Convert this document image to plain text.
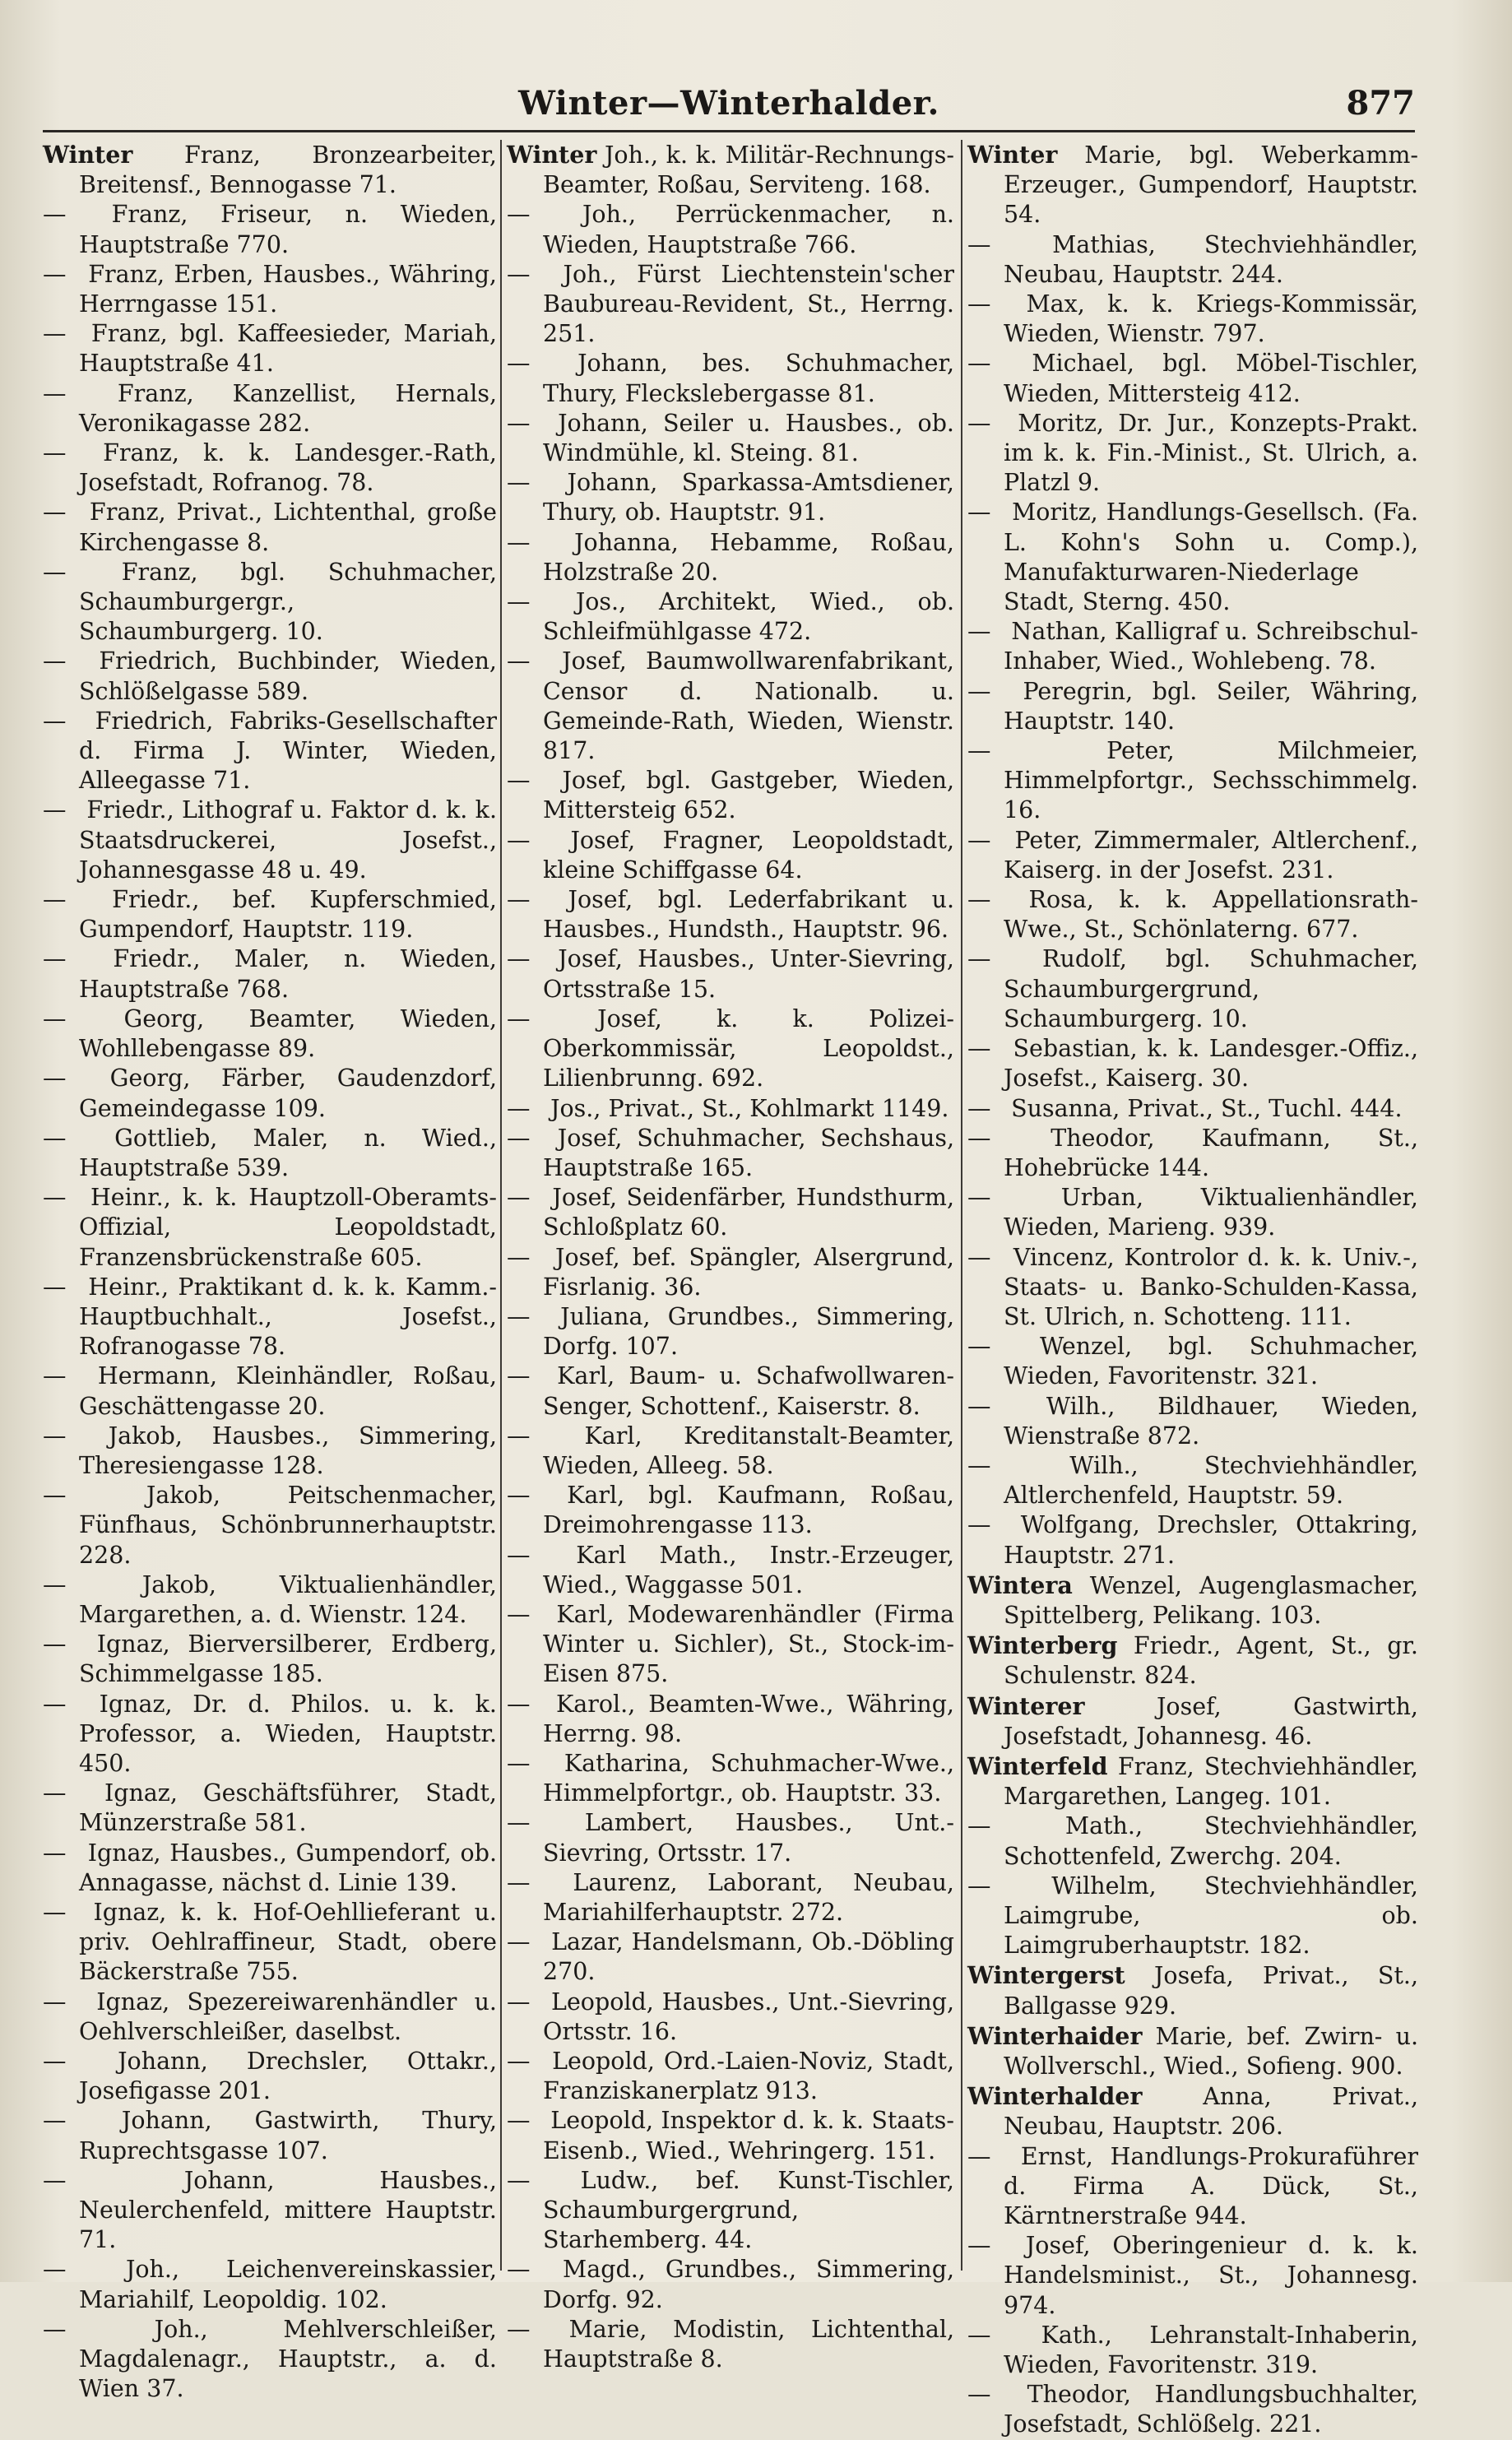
Winter—Winterhalder.	877

Winter Franz, Bronzearbeiter, Breitensf., Bennogasse 71.

— Franz, Friseur, n. Wieden, Hauptstraße 770.

— Franz, Erben, Hausbes., Währing, Herrngasse 151.

— Franz, bgl. Kaffeesieder, Mariah, Hauptstraße 41.

— Franz, Kanzellist, Hernals, Veronikagasse 282.

— Franz, k. k. Landesger.-Rath, Josefstadt, Rofranog. 78.

— Franz, Privat., Lichtenthal, große Kirchengasse 8.

— Franz, bgl. Schuhmacher, Schaumburgergr., Schaumburgerg. 10.

— Friedrich, Buchbinder, Wieden, Schlößelgasse 589.

— Friedrich, Fabriks-Gesellschafter d. Firma J. Winter, Wieden, Alleegasse 71.

— Friedr., Lithograf u. Faktor d. k. k. Staatsdruckerei, Josefst., Johannesgasse 48 u. 49.

— Friedr., bef. Kupferschmied, Gumpendorf, Hauptstr. 119.

— Friedr., Maler, n. Wieden, Hauptstraße 768.

— Georg, Beamter, Wieden, Wohllebengasse 89.

— Georg, Färber, Gaudenzdorf, Gemeindegasse 109.

— Gottlieb, Maler, n. Wied., Hauptstraße 539.

— Heinr., k. k. Hauptzoll-Oberamts-Offizial, Leopoldstadt, Franzensbrückenstraße 605.

— Heinr., Praktikant d. k. k. Kamm.-Hauptbuchhalt., Josefst., Rofranogasse 78.

— Hermann, Kleinhändler, Roßau, Geschättengasse 20.

— Jakob, Hausbes., Simmering, Theresiengasse 128.

—	Jakob, Peitschenmacher, Fünfhaus, Schönbrunnerhauptstr. 228.

—	Jakob, Viktualienhändler, Margarethen, a. d. Wienstr. 124.

— Ignaz, Bierversilberer, Erdberg, Schimmelgasse 185.

— Ignaz, Dr. d. Philos. u. k. k. Professor, a. Wieden, Hauptstr. 450.

— Ignaz, Geschäftsführer, Stadt, Münzerstraße 581.

— Ignaz, Hausbes., Gumpendorf, ob. Annagasse, nächst d. Linie 139.

— Ignaz, k. k. Hof-Oehllieferant u. priv. Oehlraffineur, Stadt, obere Bäckerstraße 755.

— Ignaz, Spezereiwarenhändler u. Oehlverschleißer, daselbst.

— Johann, Drechsler, Ottakr., Josefigasse 201.

— Johann, Gastwirth, Thury, Ruprechtsgasse 107.

—	Johann, Hausbes., Neulerchenfeld, mittere Hauptstr. 71.

—	Joh., Leichenvereinskassier, Mariahilf, Leopoldig. 102.

—	Joh., Mehlverschleißer, Magdalenagr., Hauptstr., a. d. Wien 37.

Winter Joh., k. k. Militär-Rechnungs-Beamter, Roßau, Serviteng. 168.

— Joh., Perrückenmacher, n. Wieden, Hauptstraße 766.

— Joh., Fürst Liechtenstein'scher Baubureau-Revident, St., Herrng. 251.

— Johann, bes. Schuhmacher, Thury, Fleckslebergasse 81.

— Johann, Seiler u. Hausbes., ob. Windmühle, kl. Steing. 81.

— Johann, Sparkassa-Amtsdiener, Thury, ob. Hauptstr. 91.

— Johanna, Hebamme, Roßau, Holzstraße 20.

— Jos., Architekt, Wied., ob. Schleifmühlgasse 472.

— Josef, Baumwollwarenfabrikant, Censor d. Nationalb. u. Gemeinde-Rath, Wieden, Wienstr. 817.

— Josef, bgl. Gastgeber, Wieden, Mittersteig 652.

— Josef, Fragner, Leopoldstadt, kleine Schiffgasse 64.

— Josef, bgl. Lederfabrikant u. Hausbes., Hundsth., Hauptstr. 96.

— Josef, Hausbes., Unter-Sievring, Ortsstraße 15.

—	Josef, k. k. Polizei-Oberkommissär, Leopoldst., Lilienbrunng. 692.

— Jos., Privat., St., Kohlmarkt 1149.

— Josef, Schuhmacher, Sechshaus, Hauptstraße 165.

— Josef, Seidenfärber, Hundsthurm, Schloßplatz 60.

— Josef, bef. Spängler, Alsergrund, Fisrlanig. 36.

— Juliana, Grundbes., Simmering, Dorfg. 107.

— Karl, Baum- u. Schafwollwaren-Senger, Schottenf., Kaiserstr. 8.

— Karl, Kreditanstalt-Beamter, Wieden, Alleeg. 58.

— Karl, bgl. Kaufmann, Roßau, Dreimohrengasse 113.

— Karl Math., Instr.-Erzeuger, Wied., Waggasse 501.

— Karl, Modewarenhändler (Firma Winter u. Sichler), St., Stock-im-Eisen 875.

— Karol., Beamten-Wwe., Währing, Herrng. 98.

— Katharina, Schuhmacher-Wwe., Himmelpfortgr., ob. Hauptstr. 33.

— Lambert, Hausbes., Unt.-Sievring, Ortsstr. 17.

— Laurenz, Laborant, Neubau, Mariahilferhauptstr. 272.

— Lazar, Handelsmann, Ob.-Döbling 270.

— Leopold, Hausbes., Unt.-Sievring, Ortsstr. 16.

— Leopold, Ord.-Laien-Noviz, Stadt, Franziskanerplatz 913.

— Leopold, Inspektor d. k. k. Staats-Eisenb., Wied., Wehringerg. 151.

— Ludw., bef. Kunst-Tischler, Schaumburgergrund, Starhemberg. 44.

— Magd., Grundbes., Simmering, Dorfg. 92.

— Marie, Modistin, Lichtenthal, Hauptstraße 8.

Winter Marie, bgl. Weberkamm-Erzeuger., Gumpendorf, Hauptstr. 54.

—	Mathias, Stechviehhändler, Neubau, Hauptstr. 244.

— Max, k. k. Kriegs-Kommissär, Wieden, Wienstr. 797.

— Michael, bgl. Möbel-Tischler, Wieden, Mittersteig 412.

— Moritz, Dr. Jur., Konzepts-Prakt. im k. k. Fin.-Minist., St. Ulrich, a. Platzl 9.

— Moritz, Handlungs-Gesellsch. (Fa. L. Kohn's Sohn u. Comp.), Manufakturwaren-Niederlage Stadt, Sterng. 450.

— Nathan, Kalligraf u. Schreibschul-Inhaber, Wied., Wohlebeng. 78.

— Peregrin, bgl. Seiler, Währing, Hauptstr. 140.

—	Peter, Milchmeier, Himmelpfortgr., Sechsschimmelg. 16.

— Peter, Zimmermaler, Altlerchenf., Kaiserg. in der Josefst. 231.

— Rosa, k. k. Appellationsrath-Wwe., St., Schönlaterng. 677.

— Rudolf, bgl. Schuhmacher, Schaumburgergrund, Schaumburgerg. 10.

— Sebastian, k. k. Landesger.-Offiz., Josefst., Kaiserg. 30.

— Susanna, Privat., St., Tuchl. 444.

—	Theodor, Kaufmann, St., Hohebrücke 144.

—	Urban, Viktualienhändler, Wieden, Marieng. 939.

— Vincenz, Kontrolor d. k. k. Univ.-, Staats- u. Banko-Schulden-Kassa, St. Ulrich, n. Schotteng. 111.

— Wenzel, bgl. Schuhmacher, Wieden, Favoritenstr. 321.

— Wilh., Bildhauer, Wieden, Wienstraße 872.

—	Wilh., Stechviehhändler, Altlerchenfeld, Hauptstr. 59.

— Wolfgang, Drechsler, Ottakring, Hauptstr. 271.

Wintera Wenzel, Augenglasmacher, Spittelberg, Pelikang. 103.

Winterberg Friedr., Agent, St., gr. Schulenstr. 824.

Winterer	Josef, Gastwirth, Josefstadt, Johannesg. 46.

Winterfeld Franz, Stechviehhändler, Margarethen, Langeg. 101.

—	Math., Stechviehhändler, Schottenfeld, Zwerchg. 204.

—	Wilhelm, Stechviehhändler, Laimgrube, ob. Laimgruberhauptstr. 182.

Wintergerst Josefa, Privat., St., Ballgasse 929.

Winterhaider Marie, bef. Zwirn- u. Wollverschl., Wied., Sofieng. 900.

Winterhalder	Anna, Privat., Neubau, Hauptstr. 206.

— Ernst, Handlungs-Prokuraführer d. Firma A. Dück, St., Kärntnerstraße 944.

— Josef, Oberingenieur d. k. k. Handelsminist., St., Johannesg. 974.

— Kath., Lehranstalt-Inhaberin, Wieden, Favoritenstr. 319.

— Theodor, Handlungsbuchhalter, Josefstadt, Schlößelg. 221.
